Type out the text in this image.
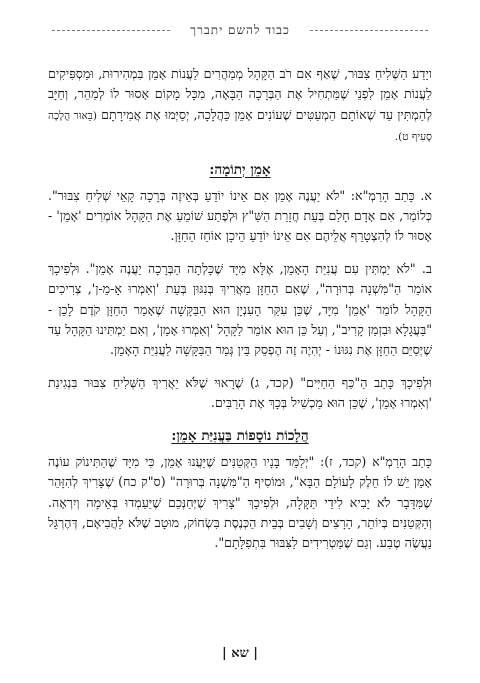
כבוד להשם יתברך

ויֵדַע הַשְּׁלִיחַ צִבּוּר, שֶׁאַף אִם רֹב הַקָּהָל מְמַהֲרִים לַעֲנוֹת אָמֵן בִּמְהִירוּת, וּמַסְפִּיקִים לַעֲנוֹת אָמֵן לִפְנֵי שֶׁמַּתְחִיל אֶת הַבְּרָכָה הַבָּאָה, מִכָּל מָקוֹם אָסוּר לוֹ לְמַהֵר, וְחַיָּב לְהַמְתִּין עַד שֶׁאוֹתָם הַמְעַטִּים שֶׁעוֹנִים אָמֵן כַּהֲלָכָה, יְסַיְּמוּ אֶת אֲמִירָתָם (בֵּאוּר הֲלָכָה סָעִיף ט).

אָמֵן יְתוֹמָה:

א. כָּתַב הָרַמְ"א: "לֹא יַעֲנֶה אָמֵן אִם אֵינוֹ יוֹדֵעַ בְּאֵיזֶה בְּרָכָה קָאֵי שְׁלִיחַ צִבּוּר". כְּלוֹמַר, אִם אָדָם חָלַם בְּעֵת חֲזָרַת הַשַּׁ"ץ וּלְפֶתַע שׁוֹמֵעַ אֶת הַקָּהָל אוֹמְרִים 'אָמֵן' - אָסוּר לוֹ לְהִצְטָרֵף אֲלֵיהֶם אִם אֵינוֹ יוֹדֵעַ הֵיכָן אוֹחֵז הַחַזָּן.

ב. "לֹא יַמְתִּין עִם עֲנִיַּת הָאָמֵן, אֶלָּא מִיָּד שֶׁכָּלְתָה הַבְּרָכָה יַעֲנֶה אָמֵן". וּלְפִיכָךְ אוֹמֵר הַ"מִּשְׁנָה בְּרוּרָה", שֶׁאִם הַחַזָּן מַאֲרִיךְ בְּנִגּוּן בְּעֵת 'וְאִמְרוּ אָ-מֵ-ן', צְרִיכִים הַקָּהָל לוֹמַר 'אָמֵן' מִיָּד, שֶׁכֵּן עִקַּר הָעִנְיָן הוּא הַבַּקָּשָׁה שֶׁאָמַר הַחַזָּן קֹדֶם לָכֵן - "בַּעֲגָלָא וּבִזְמַן קָרִיב", וְעַל כֵּן הוּא אוֹמֵר לַקָּהָל 'וְאִמְרוּ אָמֵן', וְאִם יַמְתִּינוּ הַקָּהָל עַד שֶׁיְּסַיֵּם הַחַזָּן אֶת נִגּוּנוֹ - יְהִיֶה זֶה הֶפְסֵק בֵּין גְּמַר הַבַּקָּשָׁה לַעֲנִיַּת הָאָמֵן.

וּלְפִיכָךְ כָּתַב הַ"כַּף הַחַיִּים" (קכד, ג) שֶׁרָאוּי שֶׁלֹּא יַאֲרִיךְ הַשְּׁלִיחַ צִבּוּר בִּנְגִינַת 'וְאִמְרוּ אָמֵן', שֶׁכֵּן הוּא מַכְשִׁיל בְּכָךְ אֶת הָרַבִּים.

הֲלָכוֹת נוֹסָפוֹת בַּעֲנִיַּת אָמֵן:

כָּתַב הָרַמְ"א (קכד, ז): "יְלַמֵּד בָּנָיו הַקְּטַנִּים שֶׁיַּעֲנוּ אָמֵן, כִּי מִיָּד שֶׁהַתִּינוֹק עוֹנֶה אָמֵן יֵשׁ לוֹ חֵלֶק לָעוֹלָם הַבָּא", וּמוֹסִיף הַ"מִּשְׁנָה בְּרוּרָה" (ס"ק כח) שֶׁצָּרִיךְ לְהִזָּהֵר שֶׁמִּדָּבָר לֹא יָבִיא לִידֵי תַּקָּלָה, וּלְפִיכָךְ "צָרִיךְ שֶׁיְּחַנְּכֵם שֶׁיַּעַמְדוּ בְּאֵימָה וְיִרְאָה. וְהַקְּטַנִּים בְּיוֹתֵר, הָרָצִים וְשָׁבִים בְּבֵית הַכְּנֶסֶת בִּשְׂחוֹק, מוּטָב שֶׁלֹּא לַהֲבִיאָם, דְּהֶרְגֵּל נַעֲשֶׂה טֶבַע. וְגַם שֶׁמַּטְרִידִים לַצִּבּוּר בִּתְפִלָּתָם".

| שא |
